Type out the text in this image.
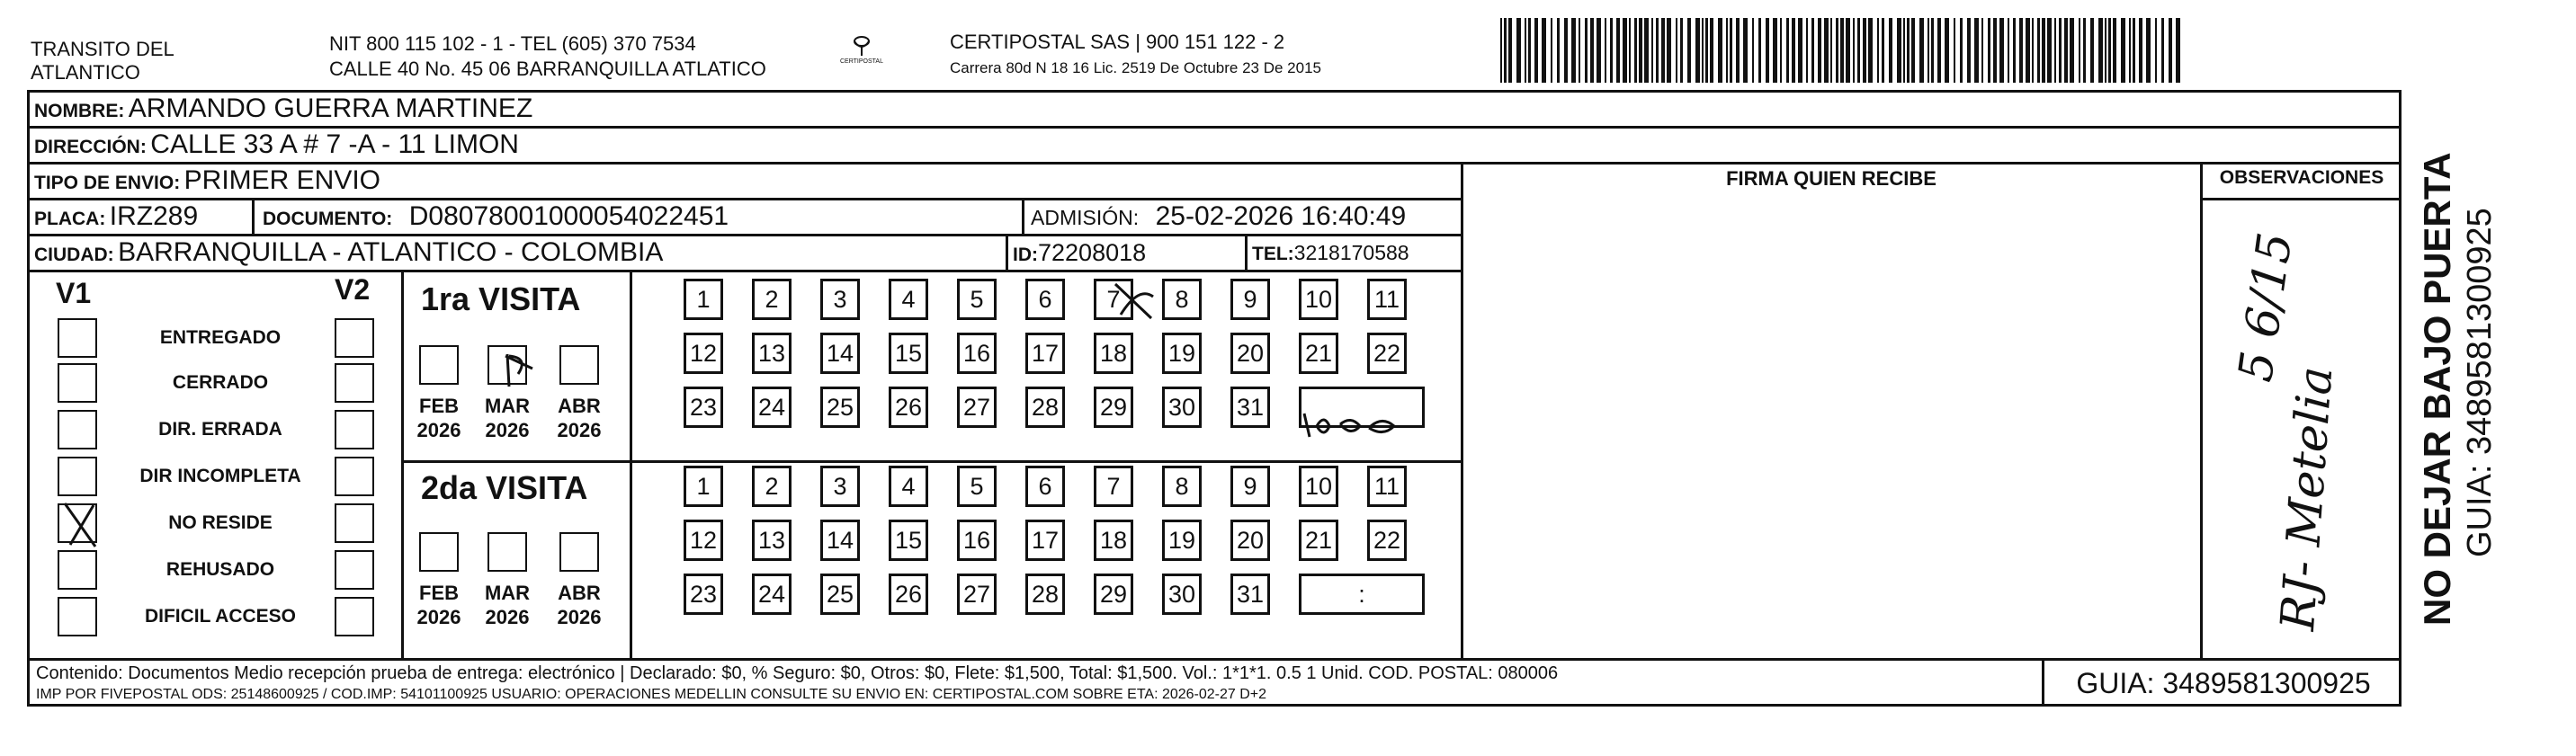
TRANSITO DEL ATLANTICO
NIT 800 115 102 - 1 - TEL (605) 370 7534
CALLE 40 No. 45 06 BARRANQUILLA ATLATICO	CERTIPOSTAL
CERTIPOSTAL SAS | 900 151 122 - 2
Carrera 80d N 18 16 Lic. 2519 De Octubre 23 De 2015
NOMBRE: ARMANDO GUERRA MARTINEZ
DIRECCIÓN: CALLE 33 A # 7 -A - 11 LIMON
TIPO DE ENVIO: PRIMER ENVIO	FIRMA QUIEN RECIBE	OBSERVACIONES
PLACA: IRZ289	DOCUMENTO: D08078001000054022451	ADMISIÓN: 25-02-2026 16:40:49
CIUDAD: BARRANQUILLA - ATLANTICO - COLOMBIA	ID:72208018	TEL:3218170588
V1	V2
ENTREGADO
CERRADO
DIR. ERRADA
DIR INCOMPLETA
NO RESIDE
REHUSADO
DIFICIL ACCESO
1ra VISITA
2da VISITA
FEB
2026
MAR
2026
ABR
2026
1	2	3	4	5	6	7	8	9	10 11
12 13 14 15 16 17 18 19 20 21 22
23 24 25 26 27 28 29 30 31
FEB
2026
MAR
2026
ABR
2026
1	2	3	4	5	6	7	8	9	10 11
12 13 14 15 16 17 18 19 20 21 22
23 24 25 26 27 28 29 30 31	:
5 6/15
RJ- Metelia
Contenido: Documentos Medio recepción prueba de entrega: electrónico | Declarado: $0, % Seguro: $0, Otros: $0, Flete: $1,500, Total: $1,500. Vol.: 1*1*1. 0.5 1 Unid. COD. POSTAL: 080006
IMP POR FIVEPOSTAL ODS: 25148600925 / COD.IMP: 54101100925 USUARIO: OPERACIONES MEDELLIN CONSULTE SU ENVIO EN: CERTIPOSTAL.COM SOBRE ETA: 2026-02-27 D+2	GUIA: 3489581300925
NO DEJAR BAJO PUERTA GUIA: 3489581300925
